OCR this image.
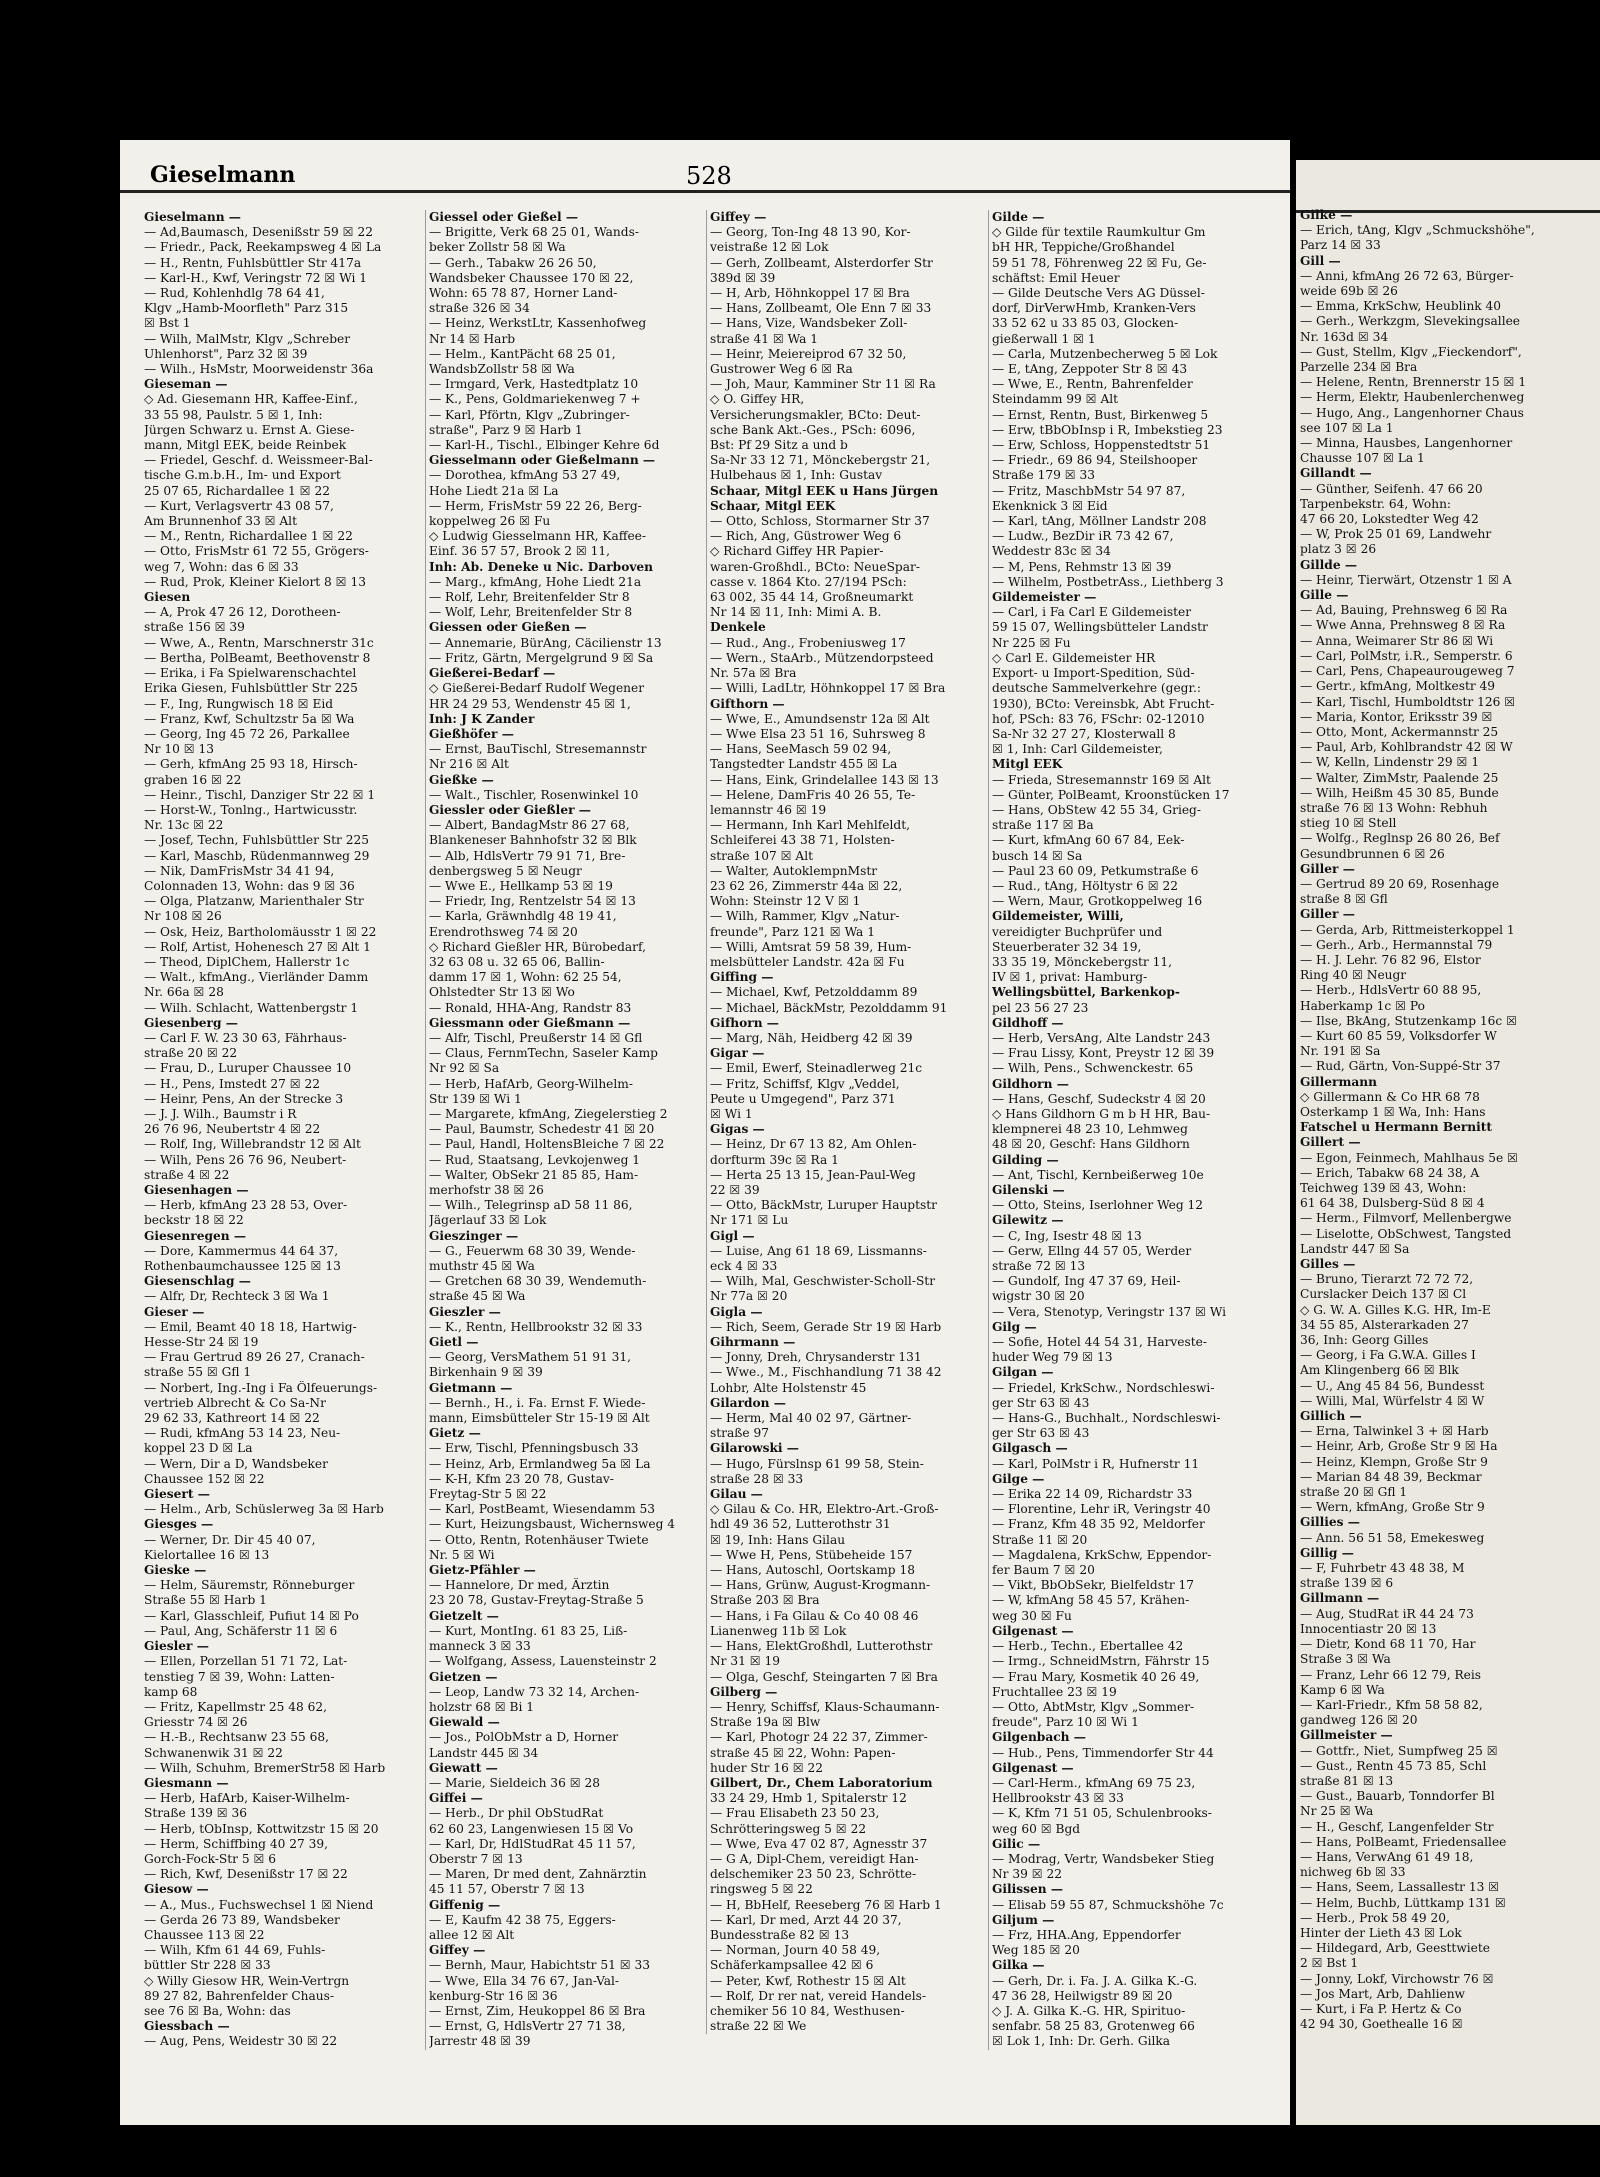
Gieselmann	528
Gieselmann —
— Ad,Baumasch, Desenißstr 59 ☒ 22
— Friedr., Pack, Reekampsweg 4 ☒ La
— H., Rentn, Fuhlsbüttler Str 417a
— Karl-H., Kwf, Veringstr 72 ☒ Wi 1
— Rud, Kohlenhdlg 78 64 41,
Klgv „Hamb-Moorfleth" Parz 315
☒ Bst 1
— Wilh, MalMstr, Klgv „Schreber
Uhlenhorst", Parz 32 ☒ 39
— Wilh., HsMstr, Moorweidenstr 36a
Gieseman —
◇ Ad. Giesemann HR, Kaffee-Einf.,
33 55 98, Paulstr. 5 ☒ 1, Inh:
Jürgen Schwarz u. Ernst A. Giese-
mann, Mitgl EEK, beide Reinbek
— Friedel, Geschf. d. Weissmeer-Bal-
tische G.m.b.H., Im- und Export
25 07 65, Richardallee 1 ☒ 22
— Kurt, Verlagsvertr 43 08 57,
Am Brunnenhof 33 ☒ Alt
— M., Rentn, Richardallee 1 ☒ 22
— Otto, FrisMstr 61 72 55, Grögers-
weg 7, Wohn: das 6 ☒ 33
— Rud, Prok, Kleiner Kielort 8 ☒ 13
Giesen
— A, Prok 47 26 12, Dorotheen-
straße 156 ☒ 39
— Wwe, A., Rentn, Marschnerstr 31c
— Bertha, PolBeamt, Beethovenstr 8
— Erika, i Fa Spielwarenschachtel
Erika Giesen, Fuhlsbüttler Str 225
— F., Ing, Rungwisch 18 ☒ Eid
— Franz, Kwf, Schultzstr 5a ☒ Wa
— Georg, Ing 45 72 26, Parkallee
Nr 10 ☒ 13
— Gerh, kfmAng 25 93 18, Hirsch-
graben 16 ☒ 22
— Heinr., Tischl, Danziger Str 22 ☒ 1
— Horst-W., Tonlng., Hartwicusstr.
Nr. 13c ☒ 22
— Josef, Techn, Fuhlsbüttler Str 225
— Karl, Maschb, Rüdenmannweg 29
— Nik, DamFrisMstr 34 41 94,
Colonnaden 13, Wohn: das 9 ☒ 36
— Olga, Platzanw, Marienthaler Str
Nr 108 ☒ 26
— Osk, Heiz, Bartholomäusstr 1 ☒ 22
— Rolf, Artist, Hohenesch 27 ☒ Alt 1
— Theod, DiplChem, Hallerstr 1c
— Walt., kfmAng., Vierländer Damm
Nr. 66a ☒ 28
— Wilh. Schlacht, Wattenbergstr 1
Giesenberg —
— Carl F. W. 23 30 63, Fährhaus-
straße 20 ☒ 22
— Frau, D., Luruper Chaussee 10
— H., Pens, Imstedt 27 ☒ 22
— Heinr, Pens, An der Strecke 3
— J. J. Wilh., Baumstr i R
26 76 96, Neubertstr 4 ☒ 22
— Rolf, Ing, Willebrandstr 12 ☒ Alt
— Wilh, Pens 26 76 96, Neubert-
straße 4 ☒ 22
Giesenhagen —
— Herb, kfmAng 23 28 53, Over-
beckstr 18 ☒ 22
Giesenregen —
— Dore, Kammermus 44 64 37,
Rothenbaumchaussee 125 ☒ 13
Giesenschlag —
— Alfr, Dr, Rechteck 3 ☒ Wa 1
Gieser —
— Emil, Beamt 40 18 18, Hartwig-
Hesse-Str 24 ☒ 19
— Frau Gertrud 89 26 27, Cranach-
straße 55 ☒ Gfl 1
— Norbert, Ing.-Ing i Fa Ölfeuerungs-
vertrieb Albrecht & Co Sa-Nr
29 62 33, Kathreort 14 ☒ 22
— Rudi, kfmAng 53 14 23, Neu-
koppel 23 D ☒ La
— Wern, Dir a D, Wandsbeker
Chaussee 152 ☒ 22
Giesert —
— Helm., Arb, Schüslerweg 3a ☒ Harb
Giesges —
— Werner, Dr. Dir 45 40 07,
Kielortallee 16 ☒ 13
Gieske —
— Helm, Säuremstr, Rönneburger
Straße 55 ☒ Harb 1
— Karl, Glasschleif, Pufiut 14 ☒ Po
— Paul, Ang, Schäferstr 11 ☒ 6
Giesler —
— Ellen, Porzellan 51 71 72, Lat-
tenstieg 7 ☒ 39, Wohn: Latten-
kamp 68
— Fritz, Kapellmstr 25 48 62,
Griesstr 74 ☒ 26
— H.-B., Rechtsanw 23 55 68,
Schwanenwik 31 ☒ 22
— Wilh, Schuhm, BremerStr58 ☒ Harb
Giesmann —
— Herb, HafArb, Kaiser-Wilhelm-
Straße 139 ☒ 36
— Herb, tObInsp, Kottwitzstr 15 ☒ 20
— Herm, Schiffbing 40 27 39,
Gorch-Fock-Str 5 ☒ 6
— Rich, Kwf, Desenißstr 17 ☒ 22
Giesow —
— A., Mus., Fuchswechsel 1 ☒ Niend
— Gerda 26 73 89, Wandsbeker
Chaussee 113 ☒ 22
— Wilh, Kfm 61 44 69, Fuhls-
büttler Str 228 ☒ 33
◇ Willy Giesow HR, Wein-Vertrgn
89 27 82, Bahrenfelder Chaus-
see 76 ☒ Ba, Wohn: das
Giessbach —
— Aug, Pens, Weidestr 30 ☒ 22
Giessel oder Gießel —
— Brigitte, Verk 68 25 01, Wands-
beker Zollstr 58 ☒ Wa
— Gerh., Tabakw 26 26 50,
Wandsbeker Chaussee 170 ☒ 22,
Wohn: 65 78 87, Horner Land-
straße 326 ☒ 34
— Heinz, WerkstLtr, Kassenhofweg
Nr 14 ☒ Harb
— Helm., KantPächt 68 25 01,
WandsbZollstr 58 ☒ Wa
— Irmgard, Verk, Hastedtplatz 10
— K., Pens, Goldmariekenweg 7 +
— Karl, Pförtn, Klgv „Zubringer-
straße", Parz 9 ☒ Harb 1
— Karl-H., Tischl., Elbinger Kehre 6d
Giesselmann oder Gießelmann —
— Dorothea, kfmAng 53 27 49,
Hohe Liedt 21a ☒ La
— Herm, FrisMstr 59 22 26, Berg-
koppelweg 26 ☒ Fu
◇ Ludwig Giesselmann HR, Kaffee-
Einf. 36 57 57, Brook 2 ☒ 11,
Inh: Ab. Deneke u Nic. Darboven
— Marg., kfmAng, Hohe Liedt 21a
— Rolf, Lehr, Breitenfelder Str 8
— Wolf, Lehr, Breitenfelder Str 8
Giessen oder Gießen —
— Annemarie, BürAng, Cäcilienstr 13
— Fritz, Gärtn, Mergelgrund 9 ☒ Sa
Gießerei-Bedarf —
◇ Gießerei-Bedarf Rudolf Wegener
HR 24 29 53, Wendenstr 45 ☒ 1,
Inh: J K Zander
Gießhöfer —
— Ernst, BauTischl, Stresemannstr
Nr 216 ☒ Alt
Gießke —
— Walt., Tischler, Rosenwinkel 10
Giessler oder Gießler —
— Albert, BandagMstr 86 27 68,
Blankeneser Bahnhofstr 32 ☒ Blk
— Alb, HdlsVertr 79 91 71, Bre-
denbergsweg 5 ☒ Neugr
— Wwe E., Hellkamp 53 ☒ 19
— Friedr, Ing, Rentzelstr 54 ☒ 13
— Karla, Gräwnhdlg 48 19 41,
Erendrothsweg 74 ☒ 20
◇ Richard Gießler HR, Bürobedarf,
32 63 08 u. 32 65 06, Ballin-
damm 17 ☒ 1, Wohn: 62 25 54,
Ohlstedter Str 13 ☒ Wo
— Ronald, HHA-Ang, Randstr 83
Giessmann oder Gießmann —
— Alfr, Tischl, Preußerstr 14 ☒ Gfl
— Claus, FernmTechn, Saseler Kamp
Nr 92 ☒ Sa
— Herb, HafArb, Georg-Wilhelm-
Str 139 ☒ Wi 1
— Margarete, kfmAng, Ziegelerstieg 2
— Paul, Baumstr, Schedestr 41 ☒ 20
— Paul, Handl, HoltensBleiche 7 ☒ 22
— Rud, Staatsang, Levkojenweg 1
— Walter, ObSekr 21 85 85, Ham-
merhofstr 38 ☒ 26
— Wilh., Telegrinsp aD 58 11 86,
Jägerlauf 33 ☒ Lok
Gieszinger —
— G., Feuerwm 68 30 39, Wende-
muthstr 45 ☒ Wa
— Gretchen 68 30 39, Wendemuth-
straße 45 ☒ Wa
Gieszler —
— K., Rentn, Hellbrookstr 32 ☒ 33
Gietl —
— Georg, VersMathem 51 91 31,
Birkenhain 9 ☒ 39
Gietmann —
— Bernh., H., i. Fa. Ernst F. Wiede-
mann, Eimsbütteler Str 15-19 ☒ Alt
Gietz —
— Erw, Tischl, Pfenningsbusch 33
— Heinz, Arb, Ermlandweg 5a ☒ La
— K-H, Kfm 23 20 78, Gustav-
Freytag-Str 5 ☒ 22
— Karl, PostBeamt, Wiesendamm 53
— Kurt, Heizungsbaust, Wichernsweg 4
— Otto, Rentn, Rotenhäuser Twiete
Nr. 5 ☒ Wi
Gietz-Pfähler —
— Hannelore, Dr med, Ärztin
23 20 78, Gustav-Freytag-Straße 5
Gietzelt —
— Kurt, MontIng. 61 83 25, Liß-
manneck 3 ☒ 33
— Wolfgang, Assess, Lauensteinstr 2
Gietzen —
— Leop, Landw 73 32 14, Archen-
holzstr 68 ☒ Bi 1
Giewald —
— Jos., PolObMstr a D, Horner
Landstr 445 ☒ 34
Giewatt —
— Marie, Sieldeich 36 ☒ 28
Giffei —
— Herb., Dr phil ObStudRat
62 60 23, Langenwiesen 15 ☒ Vo
— Karl, Dr, HdlStudRat 45 11 57,
Oberstr 7 ☒ 13
— Maren, Dr med dent, Zahnärztin
45 11 57, Oberstr 7 ☒ 13
Giffenig —
— E, Kaufm 42 38 75, Eggers-
allee 12 ☒ Alt
Giffey —
— Bernh, Maur, Habichtstr 51 ☒ 33
— Wwe, Ella 34 76 67, Jan-Val-
kenburg-Str 16 ☒ 36
— Ernst, Zim, Heukoppel 86 ☒ Bra
— Ernst, G, HdlsVertr 27 71 38,
Jarrestr 48 ☒ 39
Giffey —
— Georg, Ton-Ing 48 13 90, Kor-
veistraße 12 ☒ Lok
— Gerh, Zollbeamt, Alsterdorfer Str
389d ☒ 39
— H, Arb, Höhnkoppel 17 ☒ Bra
— Hans, Zollbeamt, Ole Enn 7 ☒ 33
— Hans, Vize, Wandsbeker Zoll-
straße 41 ☒ Wa 1
— Heinr, Meiereiprod 67 32 50,
Gustrower Weg 6 ☒ Ra
— Joh, Maur, Kamminer Str 11 ☒ Ra
◇ O. Giffey HR,
Versicherungsmakler, BCto: Deut-
sche Bank Akt.-Ges., PSch: 6096,
Bst: Pf 29 Sitz a und b
Sa-Nr 33 12 71, Mönckebergstr 21,
Hulbehaus ☒ 1, Inh: Gustav
Schaar, Mitgl EEK u Hans Jürgen
Schaar, Mitgl EEK
— Otto, Schloss, Stormarner Str 37
— Rich, Ang, Güstrower Weg 6
◇ Richard Giffey HR Papier-
waren-Großhdl., BCto: NeueSpar-
casse v. 1864 Kto. 27/194 PSch:
63 002, 35 44 14, Großneumarkt
Nr 14 ☒ 11, Inh: Mimi A. B.
Denkele
— Rud., Ang., Frobeniusweg 17
— Wern., StaArb., Mützendorpsteed
Nr. 57a ☒ Bra
— Willi, LadLtr, Höhnkoppel 17 ☒ Bra
Gifthorn —
— Wwe, E., Amundsenstr 12a ☒ Alt
— Wwe Elsa 23 51 16, Suhrsweg 8
— Hans, SeeMasch 59 02 94,
Tangstedter Landstr 455 ☒ La
— Hans, Eink, Grindelallee 143 ☒ 13
— Helene, DamFris 40 26 55, Te-
lemannstr 46 ☒ 19
— Hermann, Inh Karl Mehlfeldt,
Schleiferei 43 38 71, Holsten-
straße 107 ☒ Alt
— Walter, AutoklempnMstr
23 62 26, Zimmerstr 44a ☒ 22,
Wohn: Steinstr 12 V ☒ 1
— Wilh, Rammer, Klgv „Natur-
freunde", Parz 121 ☒ Wa 1
— Willi, Amtsrat 59 58 39, Hum-
melsbütteler Landstr. 42a ☒ Fu
Giffing —
— Michael, Kwf, Petzolddamm 89
— Michael, BäckMstr, Pezolddamm 91
Gifhorn —
— Marg, Näh, Heidberg 42 ☒ 39
Gigar —
— Emil, Ewerf, Steinadlerweg 21c
— Fritz, Schiffsf, Klgv „Veddel,
Peute u Umgegend", Parz 371
☒ Wi 1
Gigas —
— Heinz, Dr 67 13 82, Am Ohlen-
dorfturm 39c ☒ Ra 1
— Herta 25 13 15, Jean-Paul-Weg
22 ☒ 39
— Otto, BäckMstr, Luruper Hauptstr
Nr 171 ☒ Lu
Gigl —
— Luise, Ang 61 18 69, Lissmanns-
eck 4 ☒ 33
— Wilh, Mal, Geschwister-Scholl-Str
Nr 77a ☒ 20
Gigla —
— Rich, Seem, Gerade Str 19 ☒ Harb
Gihrmann —
— Jonny, Dreh, Chrysanderstr 131
— Wwe., M., Fischhandlung 71 38 42
Lohbr, Alte Holstenstr 45
Gilardon —
— Herm, Mal 40 02 97, Gärtner-
straße 97
Gilarowski —
— Hugo, Fürslnsp 61 99 58, Stein-
straße 28 ☒ 33
Gilau —
◇ Gilau & Co. HR, Elektro-Art.-Groß-
hdl 49 36 52, Lutterothstr 31
☒ 19, Inh: Hans Gilau
— Wwe H, Pens, Stübeheide 157
— Hans, Autoschl, Oortskamp 18
— Hans, Grünw, August-Krogmann-
Straße 203 ☒ Bra
— Hans, i Fa Gilau & Co 40 08 46
Lianenweg 11b ☒ Lok
— Hans, ElektGroßhdl, Lutterothstr
Nr 31 ☒ 19
— Olga, Geschf, Steingarten 7 ☒ Bra
Gilberg —
— Henry, Schiffsf, Klaus-Schaumann-
Straße 19a ☒ Blw
— Karl, Photogr 24 22 37, Zimmer-
straße 45 ☒ 22, Wohn: Papen-
huder Str 16 ☒ 22
Gilbert, Dr., Chem Laboratorium
33 24 29, Hmb 1, Spitalerstr 12
— Frau Elisabeth 23 50 23,
Schrötteringsweg 5 ☒ 22
— Wwe, Eva 47 02 87, Agnesstr 37
— G A, Dipl-Chem, vereidigt Han-
delschemiker 23 50 23, Schrötte-
ringsweg 5 ☒ 22
— H, BbHelf, Reeseberg 76 ☒ Harb 1
— Karl, Dr med, Arzt 44 20 37,
Bundesstraße 82 ☒ 13
— Norman, Journ 40 58 49,
Schäferkampsallee 42 ☒ 6
— Peter, Kwf, Rothestr 15 ☒ Alt
— Rolf, Dr rer nat, vereid Handels-
chemiker 56 10 84, Westhusen-
straße 22 ☒ We
Gilde —
◇ Gilde für textile Raumkultur Gm
bH HR, Teppiche/Großhandel
59 51 78, Föhrenweg 22 ☒ Fu, Ge-
schäftst: Emil Heuer
— Gilde Deutsche Vers AG Düssel-
dorf, DirVerwHmb, Kranken-Vers
33 52 62 u 33 85 03, Glocken-
gießerwall 1 ☒ 1
— Carla, Mutzenbecherweg 5 ☒ Lok
— E, tAng, Zeppoter Str 8 ☒ 43
— Wwe, E., Rentn, Bahrenfelder
Steindamm 99 ☒ Alt
— Ernst, Rentn, Bust, Birkenweg 5
— Erw, tBbObInsp i R, Imbekstieg 23
— Erw, Schloss, Hoppenstedtstr 51
— Friedr., 69 86 94, Steilshooper
Straße 179 ☒ 33
— Fritz, MaschbMstr 54 97 87,
Ekenknick 3 ☒ Eid
— Karl, tAng, Möllner Landstr 208
— Ludw., BezDir iR 73 42 67,
Weddestr 83c ☒ 34
— M, Pens, Rehmstr 13 ☒ 39
— Wilhelm, PostbetrAss., Liethberg 3
Gildemeister —
— Carl, i Fa Carl E Gildemeister
59 15 07, Wellingsbütteler Landstr
Nr 225 ☒ Fu
◇ Carl E. Gildemeister HR
Export- u Import-Spedition, Süd-
deutsche Sammelverkehre (gegr.:
1930), BCto: Vereinsbk, Abt Frucht-
hof, PSch: 83 76, FSchr: 02-12010
Sa-Nr 32 27 27, Klosterwall 8
☒ 1, Inh: Carl Gildemeister,
Mitgl EEK
— Frieda, Stresemannstr 169 ☒ Alt
— Günter, PolBeamt, Kroonstücken 17
— Hans, ObStew 42 55 34, Grieg-
straße 117 ☒ Ba
— Kurt, kfmAng 60 67 84, Eek-
busch 14 ☒ Sa
— Paul 23 60 09, Petkumstraße 6
— Rud., tAng, Höltystr 6 ☒ 22
— Wern, Maur, Grotkoppelweg 16
Gildemeister, Willi,
vereidigter Buchprüfer und
Steuerberater 32 34 19,
33 35 19, Mönckebergstr 11,
IV ☒ 1, privat: Hamburg-
Wellingsbüttel, Barkenkop-
pel 23 56 27 23
Gildhoff —
— Herb, VersAng, Alte Landstr 243
— Frau Lissy, Kont, Preystr 12 ☒ 39
— Wilh, Pens., Schwenckestr. 65
Gildhorn —
— Hans, Geschf, Sudeckstr 4 ☒ 20
◇ Hans Gildhorn G m b H HR, Bau-
klempnerei 48 23 10, Lehmweg
48 ☒ 20, Geschf: Hans Gildhorn
Gilding —
— Ant, Tischl, Kernbeißerweg 10e
Gilenski —
— Otto, Steins, Iserlohner Weg 12
Gilewitz —
— C, Ing, Isestr 48 ☒ 13
— Gerw, Ellng 44 57 05, Werder
straße 72 ☒ 13
— Gundolf, Ing 47 37 69, Heil-
wigstr 30 ☒ 20
— Vera, Stenotyp, Veringstr 137 ☒ Wi
Gilg —
— Sofie, Hotel 44 54 31, Harveste-
huder Weg 79 ☒ 13
Gilgan —
— Friedel, KrkSchw., Nordschleswi-
ger Str 63 ☒ 43
— Hans-G., Buchhalt., Nordschleswi-
ger Str 63 ☒ 43
Gilgasch —
— Karl, PolMstr i R, Hufnerstr 11
Gilge —
— Erika 22 14 09, Richardstr 33
— Florentine, Lehr iR, Veringstr 40
— Franz, Kfm 48 35 92, Meldorfer
Straße 11 ☒ 20
— Magdalena, KrkSchw, Eppendor-
fer Baum 7 ☒ 20
— Vikt, BbObSekr, Bielfeldstr 17
— W, kfmAng 58 45 57, Krähen-
weg 30 ☒ Fu
Gilgenast —
— Herb., Techn., Ebertallee 42
— Irmg., SchneidMstrn, Fährstr 15
— Frau Mary, Kosmetik 40 26 49,
Fruchtallee 23 ☒ 19
— Otto, AbtMstr, Klgv „Sommer-
freude", Parz 10 ☒ Wi 1
Gilgenbach —
— Hub., Pens, Timmendorfer Str 44
Gilgenast —
— Carl-Herm., kfmAng 69 75 23,
Hellbrookstr 43 ☒ 33
— K, Kfm 71 51 05, Schulenbrooks-
weg 60 ☒ Bgd
Gilic —
— Modrag, Vertr, Wandsbeker Stieg
Nr 39 ☒ 22
Gilissen —
— Elisab 59 55 87, Schmuckshöhe 7c
Giljum —
— Frz, HHA.Ang, Eppendorfer
Weg 185 ☒ 20
Gilka —
— Gerh, Dr. i. Fa. J. A. Gilka K.-G.
47 36 28, Heilwigstr 89 ☒ 20
◇ J. A. Gilka K.-G. HR, Spirituo-
senfabr. 58 25 83, Grotenweg 66
☒ Lok 1, Inh: Dr. Gerh. Gilka
Gilke —
— Erich, tAng, Klgv „Schmuckshöhe",
Parz 14 ☒ 33
Gill —
— Anni, kfmAng 26 72 63, Bürger-
weide 69b ☒ 26
— Emma, KrkSchw, Heublink 40
— Gerh., Werkzgm, Slevekingsallee
Nr. 163d ☒ 34
— Gust, Stellm, Klgv „Fieckendorf",
Parzelle 234 ☒ Bra
— Helene, Rentn, Brennerstr 15 ☒ 1
— Herm, Elektr, Haubenlerchenweg
— Hugo, Ang., Langenhorner Chaus
see 107 ☒ La 1
— Minna, Hausbes, Langenhorner
Chausse 107 ☒ La 1
Gillandt —
— Günther, Seifenh. 47 66 20
Tarpenbekstr. 64, Wohn:
47 66 20, Lokstedter Weg 42
— W, Prok 25 01 69, Landwehr
platz 3 ☒ 26
Gillde —
— Heinr, Tierwärt, Otzenstr 1 ☒ A
Gille —
— Ad, Bauing, Prehnsweg 6 ☒ Ra
— Wwe Anna, Prehnsweg 8 ☒ Ra
— Anna, Weimarer Str 86 ☒ Wi
— Carl, PolMstr, i.R., Semperstr. 6
— Carl, Pens, Chapeaurougeweg 7
— Gertr., kfmAng, Moltkestr 49
— Karl, Tischl, Humboldtstr 126 ☒
— Maria, Kontor, Eriksstr 39 ☒
— Otto, Mont, Ackermannstr 25
— Paul, Arb, Kohlbrandstr 42 ☒ W
— W, Kelln, Lindenstr 29 ☒ 1
— Walter, ZimMstr, Paalende 25
— Wilh, Heißm 45 30 85, Bunde
straße 76 ☒ 13 Wohn: Rebhuh
stieg 10 ☒ Stell
— Wolfg., Reglnsp 26 80 26, Bef
Gesundbrunnen 6 ☒ 26
Giller —
— Gertrud 89 20 69, Rosenhage
straße 8 ☒ Gfl
Giller —
— Gerda, Arb, Rittmeisterkoppel 1
— Gerh., Arb., Hermannstal 79
— H. J. Lehr. 76 82 96, Elstor
Ring 40 ☒ Neugr
— Herb., HdlsVertr 60 88 95,
Haberkamp 1c ☒ Po
— Ilse, BkAng, Stutzenkamp 16c ☒
— Kurt 60 85 59, Volksdorfer W
Nr. 191 ☒ Sa
— Rud, Gärtn, Von-Suppé-Str 37
Gillermann
◇ Gillermann & Co HR 68 78
Osterkamp 1 ☒ Wa, Inh: Hans
Fatschel u Hermann Bernitt
Gillert —
— Egon, Feinmech, Mahlhaus 5e ☒
— Erich, Tabakw 68 24 38, A
Teichweg 139 ☒ 43, Wohn:
61 64 38, Dulsberg-Süd 8 ☒ 4
— Herm., Filmvorf, Mellenbergwe
— Liselotte, ObSchwest, Tangsted
Landstr 447 ☒ Sa
Gilles —
— Bruno, Tierarzt 72 72 72,
Curslacker Deich 137 ☒ Cl
◇ G. W. A. Gilles K.G. HR, Im-E
34 55 85, Alsterarkaden 27
36, Inh: Georg Gilles
— Georg, i Fa G.W.A. Gilles I
Am Klingenberg 66 ☒ Blk
— U., Ang 45 84 56, Bundesst
— Willi, Mal, Würfelstr 4 ☒ W
Gillich —
— Erna, Talwinkel 3 + ☒ Harb
— Heinr, Arb, Große Str 9 ☒ Ha
— Heinz, Klempn, Große Str 9
— Marian 84 48 39, Beckmar
straße 20 ☒ Gfl 1
— Wern, kfmAng, Große Str 9
Gillies —
— Ann. 56 51 58, Emekesweg
Gillig —
— F, Fuhrbetr 43 48 38, M
straße 139 ☒ 6
Gillmann —
— Aug, StudRat iR 44 24 73
Innocentiastr 20 ☒ 13
— Dietr, Kond 68 11 70, Har
Straße 3 ☒ Wa
— Franz, Lehr 66 12 79, Reis
Kamp 6 ☒ Wa
— Karl-Friedr., Kfm 58 58 82,
gandweg 126 ☒ 20
Gillmeister —
— Gottfr., Niet, Sumpfweg 25 ☒
— Gust., Rentn 45 73 85, Schl
straße 81 ☒ 13
— Gust., Bauarb, Tonndorfer Bl
Nr 25 ☒ Wa
— H., Geschf, Langenfelder Str
— Hans, PolBeamt, Friedensallee
— Hans, VerwAng 61 49 18,
nichweg 6b ☒ 33
— Hans, Seem, Lassallestr 13 ☒
— Helm, Buchb, Lüttkamp 131 ☒
— Herb., Prok 58 49 20,
Hinter der Lieth 43 ☒ Lok
— Hildegard, Arb, Geesttwiete
2 ☒ Bst 1
— Jonny, Lokf, Virchowstr 76 ☒
— Jos Mart, Arb, Dahlienw
— Kurt, i Fa P. Hertz & Co
42 94 30, Goethealle 16 ☒
